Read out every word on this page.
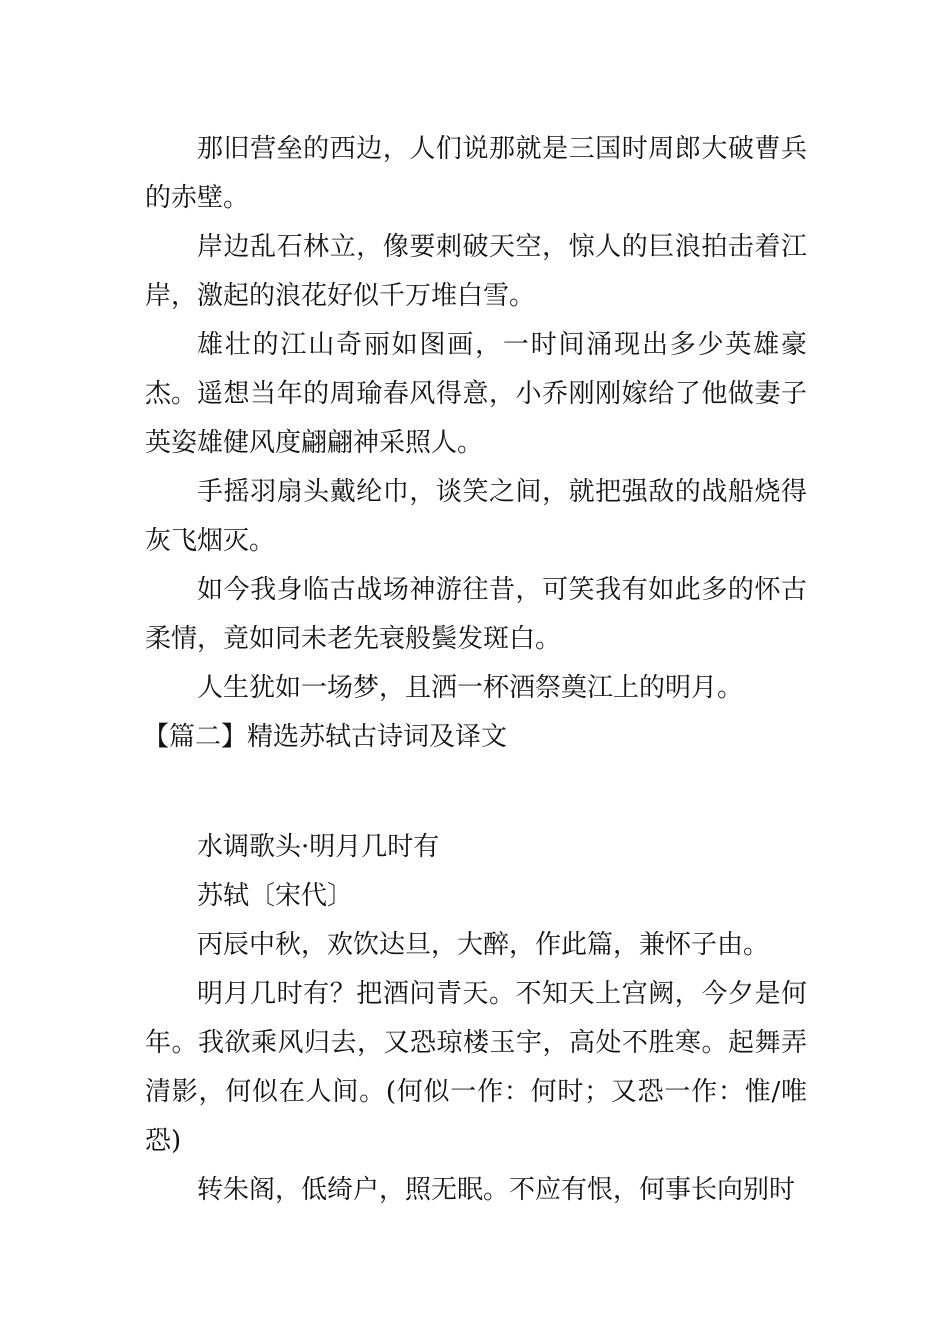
那旧营垒的西边，人们说那就是三国时周郎大破曹兵的赤壁。

岸边乱石林立，像要刺破天空，惊人的巨浪拍击着江岸，激起的浪花好似千万堆白雪。

雄壮的江山奇丽如图画，一时间涌现出多少英雄豪杰。 遥想当年的周瑜春风得意，小乔刚刚嫁给了他做妻子英姿雄健风度翩翩神采照人。

手摇羽扇头戴纶巾，谈笑之间，就把强敌的战船烧得灰飞烟灭。

如今我身临古战场神游往昔，可笑我有如此多的怀古柔情，竟如同未老先衰般鬓发斑白。

人生犹如一场梦，且洒一杯酒祭奠江上的明月。

【篇二】精选苏轼古诗词及译文

水调歌头·明月几时有

苏轼〔宋代〕

丙辰中秋，欢饮达旦，大醉，作此篇，兼怀子由。

明月几时有？把酒问青天。不知天上宫阙，今夕是何年。我欲乘风归去，又恐琼楼玉宇，高处不胜寒。起舞弄清影，何似在人间。(何似一作：何时；又恐一作：惟/唯恐)

转朱阁，低绮户，照无眠。不应有恨，何事长向别时
